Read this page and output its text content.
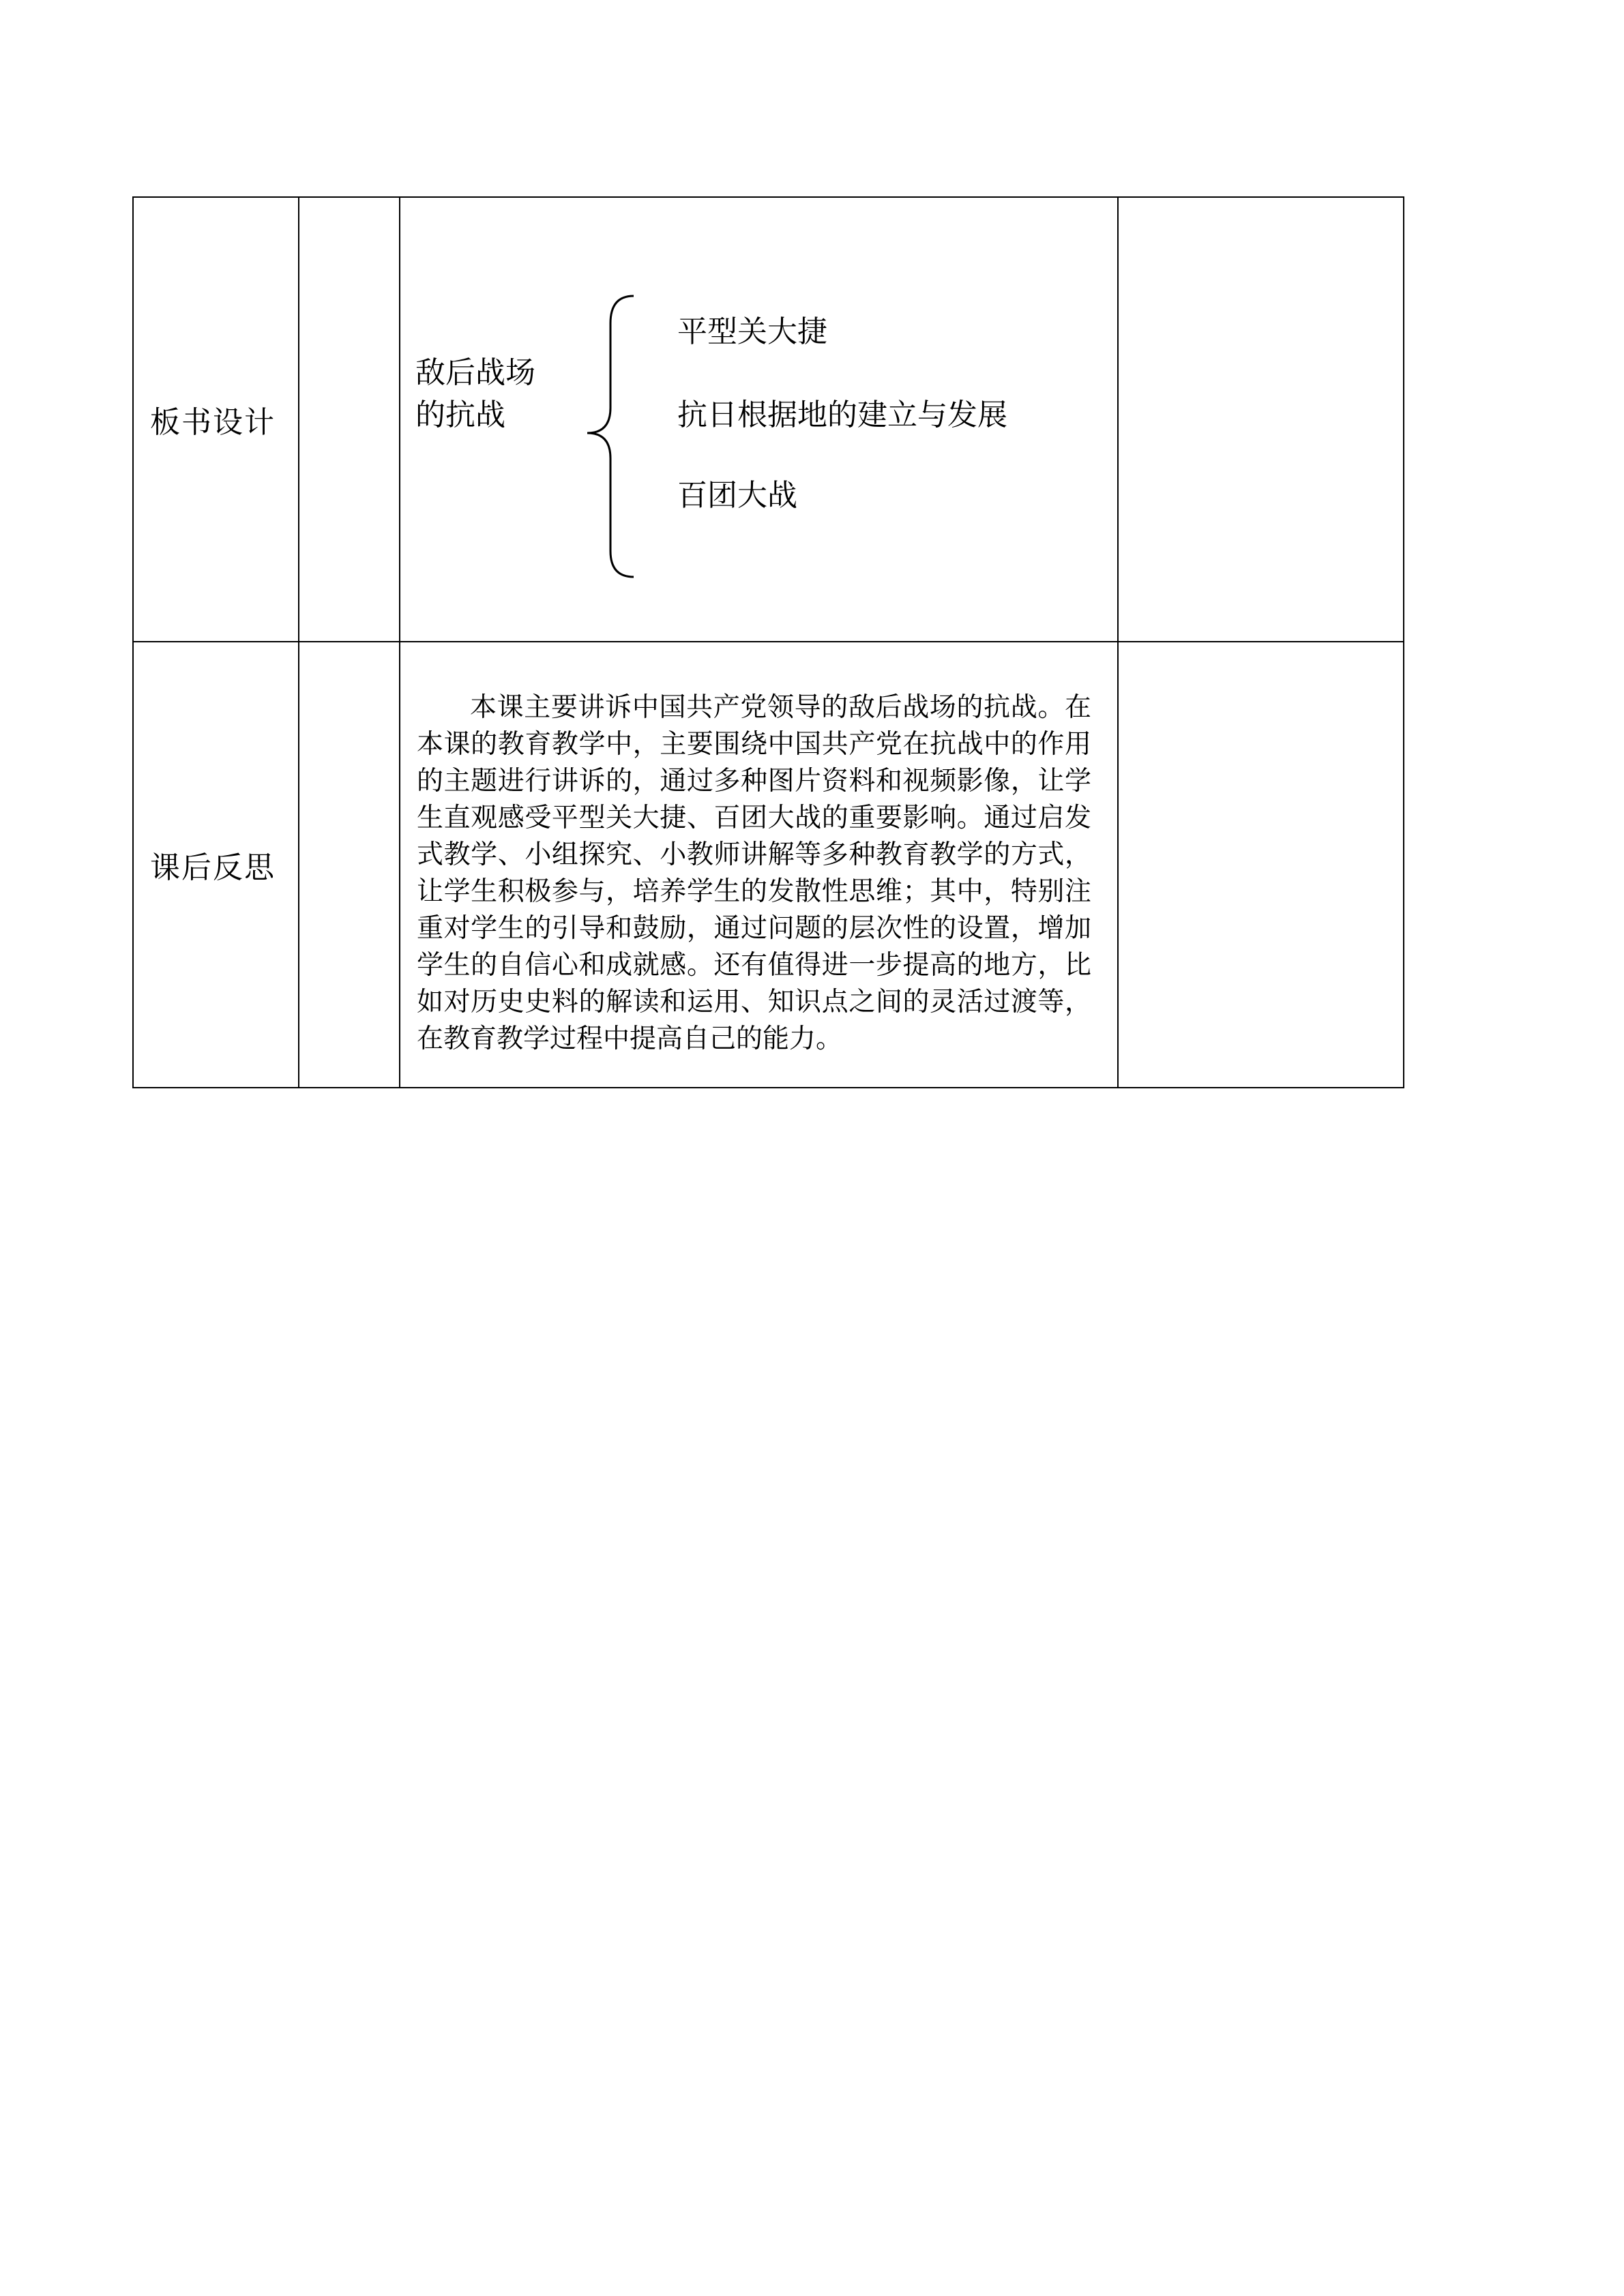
板书设计		敌后战场
的抗战
平型关大捷
抗日根据地的建立与发展
百团大战	

课后反思		本课主要讲诉中国共产党领导的敌后战场的抗战。在本课的教育教学中，主要围绕中国共产党在抗战中的作用的主题进行讲诉的，通过多种图片资料和视频影像，让学生直观感受平型关大捷、百团大战的重要影响。通过启发式教学、小组探究、小教师讲解等多种教育教学的方式，让学生积极参与，培养学生的发散性思维；其中，特别注重对学生的引导和鼓励，通过问题的层次性的设置，增加学生的自信心和成就感。还有值得进一步提高的地方，比如对历史史料的解读和运用、知识点之间的灵活过渡等，在教育教学过程中提高自己的能力。	
